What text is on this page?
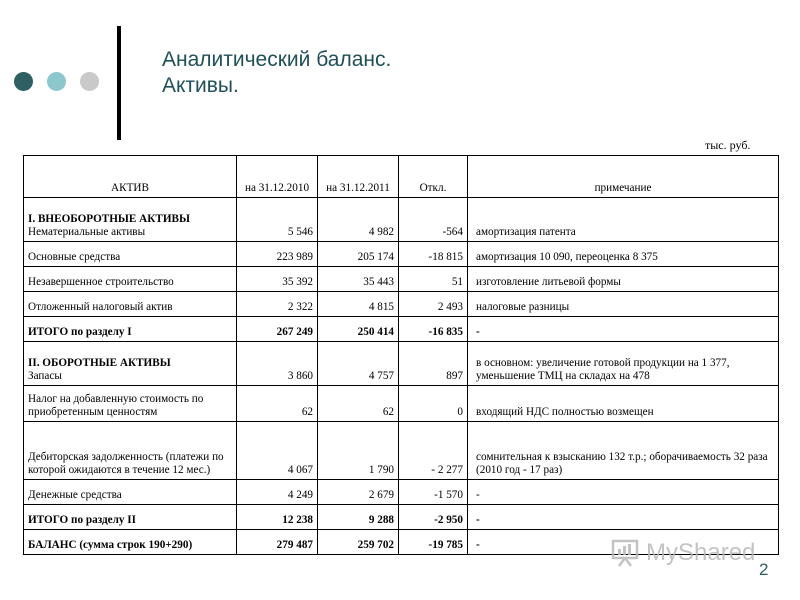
Аналитический баланс.
Активы.
тыс. руб.
АКТИВ	на 31.12.2010	на 31.12.2011	Откл.	примечание

I. ВНЕОБОРОТНЫЕ АКТИВЫ
Нематериальные активы	5 546	4 982	-564	амортизация патента

Основные средства	223 989	205 174	-18 815	амортизация 10 090, переоценка 8 375

Незавершенное строительство	35 392	35 443	51	изготовление литьевой формы

Отложенный налоговый актив	2 322	4 815	2 493	налоговые разницы

ИТОГО по разделу I	267 249	250 414	-16 835	-

II. ОБОРОТНЫЕ АКТИВЫ
Запасы	3 860	4 757	897	в основном: увеличение готовой продукции на 1 377, уменьшение ТМЦ на складах на 478

Налог на добавленную стоимость по приобретенным ценностям	62	62	0	входящий НДС полностью возмещен

Дебиторская задолженность (платежи по которой ожидаются в течение 12 мес.)	4 067	1 790	- 2 277	сомнительная к взысканию 132 т.р.; оборачиваемость 32 раза (2010 год - 17 раз)

Денежные средства	4 249	2 679	-1 570	-

ИТОГО по разделу II	12 238	9 288	-2 950	-

БАЛАНС (сумма строк 190+290)	279 487	259 702	-19 785	-	MyShared
2
